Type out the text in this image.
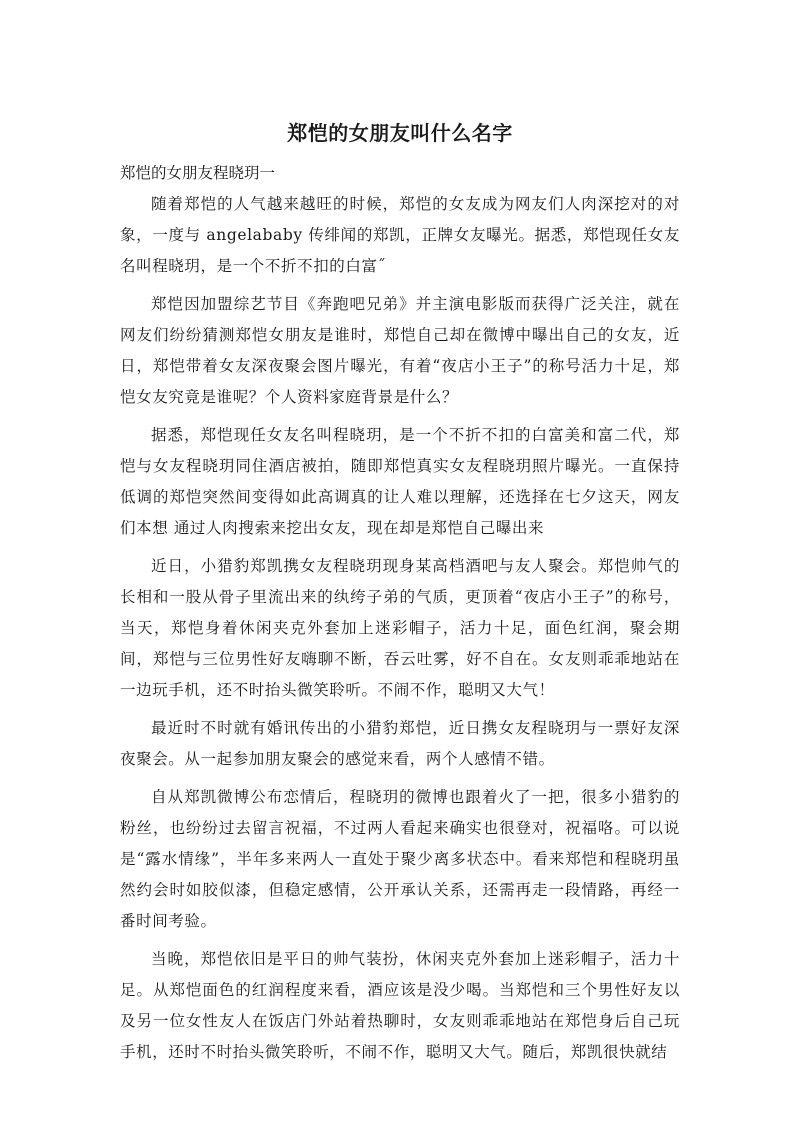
郑恺的女朋友叫什么名字

郑恺的女朋友程晓玥一

随着郑恺的人气越来越旺的时候，郑恺的女友成为网友们人肉深挖对的对象，一度与 angelababy 传绯闻的郑凯，正牌女友曝光。据悉，郑恺现任女友名叫程晓玥，是一个不折不扣的白富˝

郑恺因加盟综艺节目《奔跑吧兄弟》并主演电影版而获得广泛关注，就在网友们纷纷猜测郑恺女朋友是谁时，郑恺自己却在微博中曝出自己的女友，近日，郑恺带着女友深夜聚会图片曝光，有着“夜店小王子”的称号活力十足，郑恺女友究竟是谁呢？个人资料家庭背景是什么？

据悉，郑恺现任女友名叫程晓玥，是一个不折不扣的白富美和富二代，郑恺与女友程晓玥同住酒店被拍，随即郑恺真实女友程晓玥照片曝光。一直保持低调的郑恺突然间变得如此高调真的让人难以理解，还选择在七夕这天，网友们本想 通过人肉搜索来挖出女友，现在却是郑恺自己曝出来

近日，小猎豹郑凯携女友程晓玥现身某高档酒吧与友人聚会。郑恺帅气的长相和一股从骨子里流出来的纨绔子弟的气质，更顶着“夜店小王子”的称号，当天，郑恺身着休闲夹克外套加上迷彩帽子，活力十足，面色红润，聚会期间，郑恺与三位男性好友嗨聊不断，吞云吐雾，好不自在。女友则乖乖地站在一边玩手机，还不时抬头微笑聆听。不闹不作，聪明又大气！

最近时不时就有婚讯传出的小猎豹郑恺，近日携女友程晓玥与一票好友深夜聚会。从一起参加朋友聚会的感觉来看，两个人感情不错。

自从郑凯微博公布恋情后，程晓玥的微博也跟着火了一把，很多小猎豹的粉丝，也纷纷过去留言祝福，不过两人看起来确实也很登对，祝福咯。可以说是“露水情缘”，半年多来两人一直处于聚少离多状态中。看来郑恺和程晓玥虽然约会时如胶似漆，但稳定感情，公开承认关系，还需再走一段情路，再经一番时间考验。

当晚，郑恺依旧是平日的帅气装扮，休闲夹克外套加上迷彩帽子，活力十足。从郑恺面色的红润程度来看，酒应该是没少喝。当郑恺和三个男性好友以及另一位女性友人在饭店门外站着热聊时，女友则乖乖地站在郑恺身后自己玩手机，还时不时抬头微笑聆听，不闹不作，聪明又大气。随后，郑凯很快就结
